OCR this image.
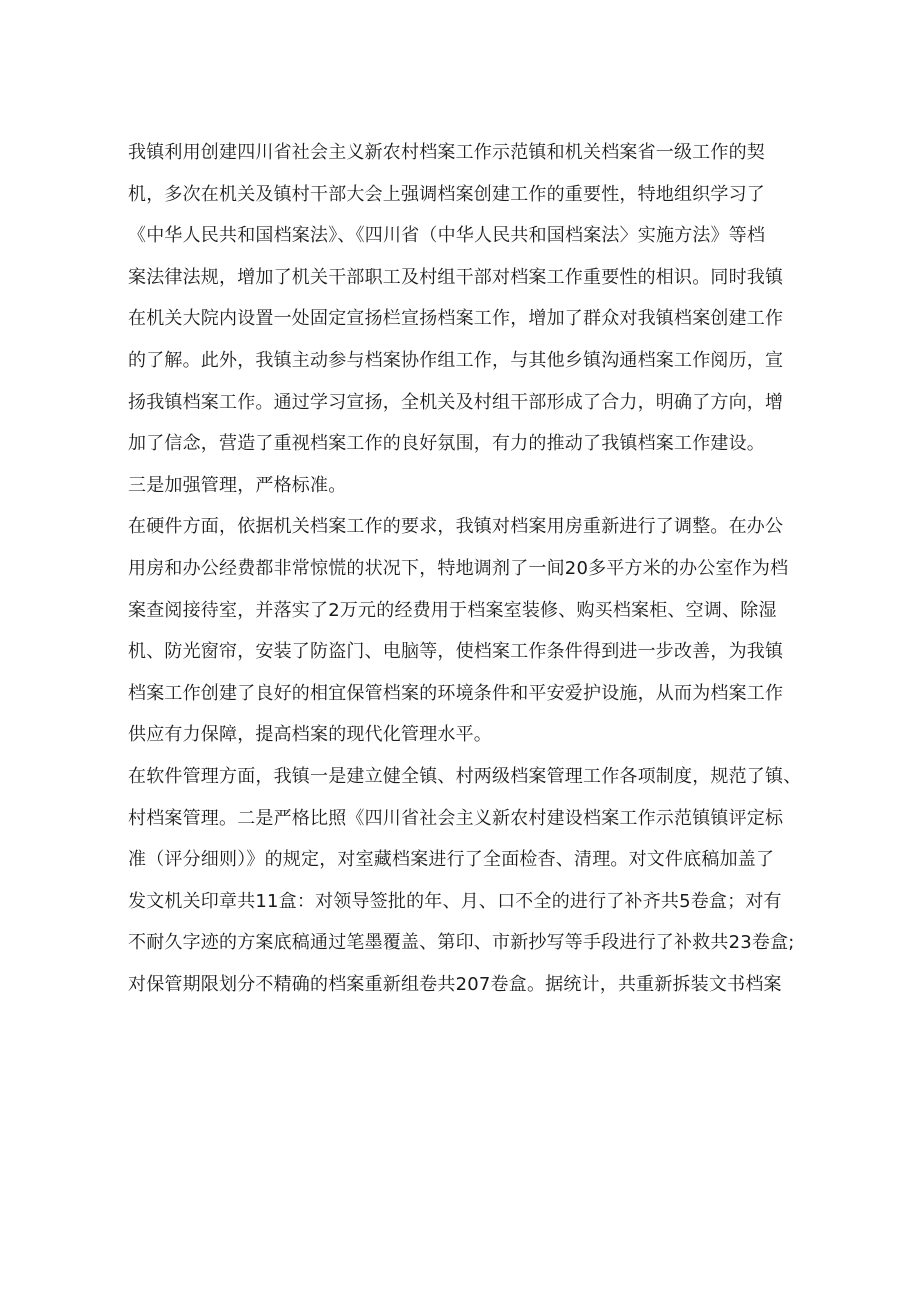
我镇利用创建四川省社会主义新农村档案工作示范镇和机关档案省一级工作的契
机，多次在机关及镇村干部大会上强调档案创建工作的重要性，特地组织学习了
《中华人民共和国档案法》、《四川省（中华人民共和国档案法〉实施方法》等档
案法律法规，增加了机关干部职工及村组干部对档案工作重要性的相识。同时我镇
在机关大院内设置一处固定宣扬栏宣扬档案工作，增加了群众对我镇档案创建工作
的了解。此外，我镇主动参与档案协作组工作，与其他乡镇沟通档案工作阅历，宣
扬我镇档案工作。通过学习宣扬，全机关及村组干部形成了合力，明确了方向，增
加了信念，营造了重视档案工作的良好氛围，有力的推动了我镇档案工作建设。
三是加强管理，严格标准。
在硬件方面，依据机关档案工作的要求，我镇对档案用房重新进行了调整。在办公
用房和办公经费都非常惊慌的状况下，特地调剂了一间20多平方米的办公室作为档
案查阅接待室，并落实了2万元的经费用于档案室装修、购买档案柜、空调、除湿
机、防光窗帘，安装了防盗门、电脑等，使档案工作条件得到进一步改善，为我镇
档案工作创建了良好的相宜保管档案的环境条件和平安爱护设施，从而为档案工作
供应有力保障，提高档案的现代化管理水平。
在软件管理方面，我镇一是建立健全镇、村两级档案管理工作各项制度，规范了镇、
村档案管理。二是严格比照《四川省社会主义新农村建设档案工作示范镇镇评定标
准（评分细则）》的规定，对室藏档案进行了全面检杳、清理。对文件底稿加盖了
发文机关印章共11盒：对领导签批的年、月、口不全的进行了补齐共5卷盒；对有
不耐久字迹的方案底稿通过笔墨覆盖、第印、市新抄写等手段进行了补救共23卷盒;
对保管期限划分不精确的档案重新组卷共207卷盒。据统计，共重新拆装文书档案
